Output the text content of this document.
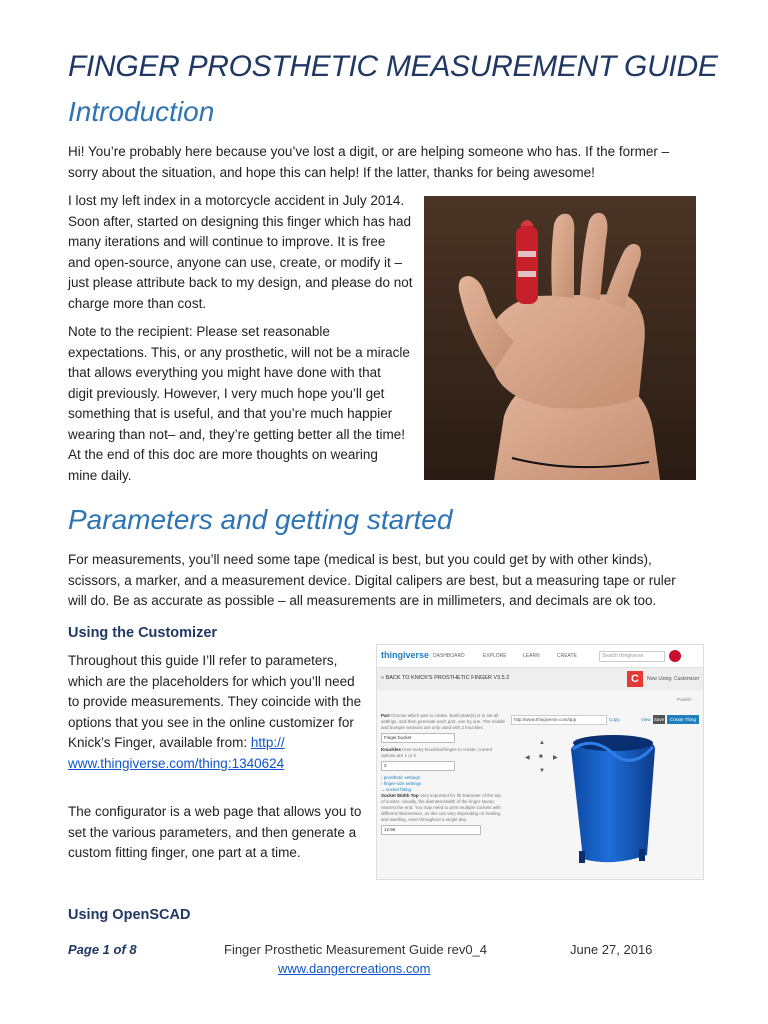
FINGER PROSTHETIC MEASUREMENT GUIDE
Introduction

Hi! You’re probably here because you’ve lost a digit, or are helping someone who has. If the former –

sorry about the situation, and hope this can help! If the latter, thanks for being awesome!

I lost my left index in a motorcycle accident in July 2014.

Soon after, started on designing this finger which has had

many iterations and will continue to improve. It is free

and open-source, anyone can use, create, or modify it –

just please attribute back to my design, and please do not

charge more than cost.

Note to the recipient: Please set reasonable

expectations. This, or any prosthetic, will not be a miracle

that allows everything you might have done with that

digit previously. However, I very much hope you’ll get

something that is useful, and that you’re much happier

wearing than not– and, they’re getting better all the time!

At the end of this doc are more thoughts on wearing

mine daily.

Parameters and getting started

For measurements, you’ll need some tape (medical is best, but you could get by with other kinds),

scissors, a marker, and a measurement device. Digital calipers are best, but a measuring tape or ruler

will do. Be as accurate as possible – all measurements are in millimeters, and decimals are ok too.

Using the Customizer

Throughout this guide I’ll refer to parameters,

which are the placeholders for which you’ll need

to provide measurements. They coincide with the

options that you see in the online customizer for

Knick’s Finger, available from: http://

www.thingiverse.com/thing:1340624

The configurator is a web page that allows you to

set the various parameters, and then generate a

custom fitting finger, one part at a time.

thingiverse DASHBOARD	EXPLORE	LEARN	CREATE	Search thingiverse
« BACK TO KNICK'S PROSTHETIC FINGER V3.5.2	C	Now Using: Customizer
Publish
Part Choose which part to create. Build plate(s) is to set all settings, and then generate each part, one by one. The middle and bumper sections are only used with 2 knuckles.
Finger bucket
Knuckles How many knuckles/hinges to create; current options are 1 or 2
2
› prosthetic settings
› finger-size settings
⌄ socket fitting
Socket Width Top Very important for fit! Diameter of the top of socket. Usually, the diameter/width of the finger stump nearest the end. You may need to print multiple sockets with different thicknesses, as this can vary depending on healing, and swelling, even throughout a single day.
12.96
http://www.thingiverse.com/app	Copy	View Save	Create Thing
▲
◀ ■ ▶
▼
Using OpenSCAD
Page 1 of 8	Finger Prosthetic Measurement Guide rev0_4	June 27, 2016
www.dangercreations.com
